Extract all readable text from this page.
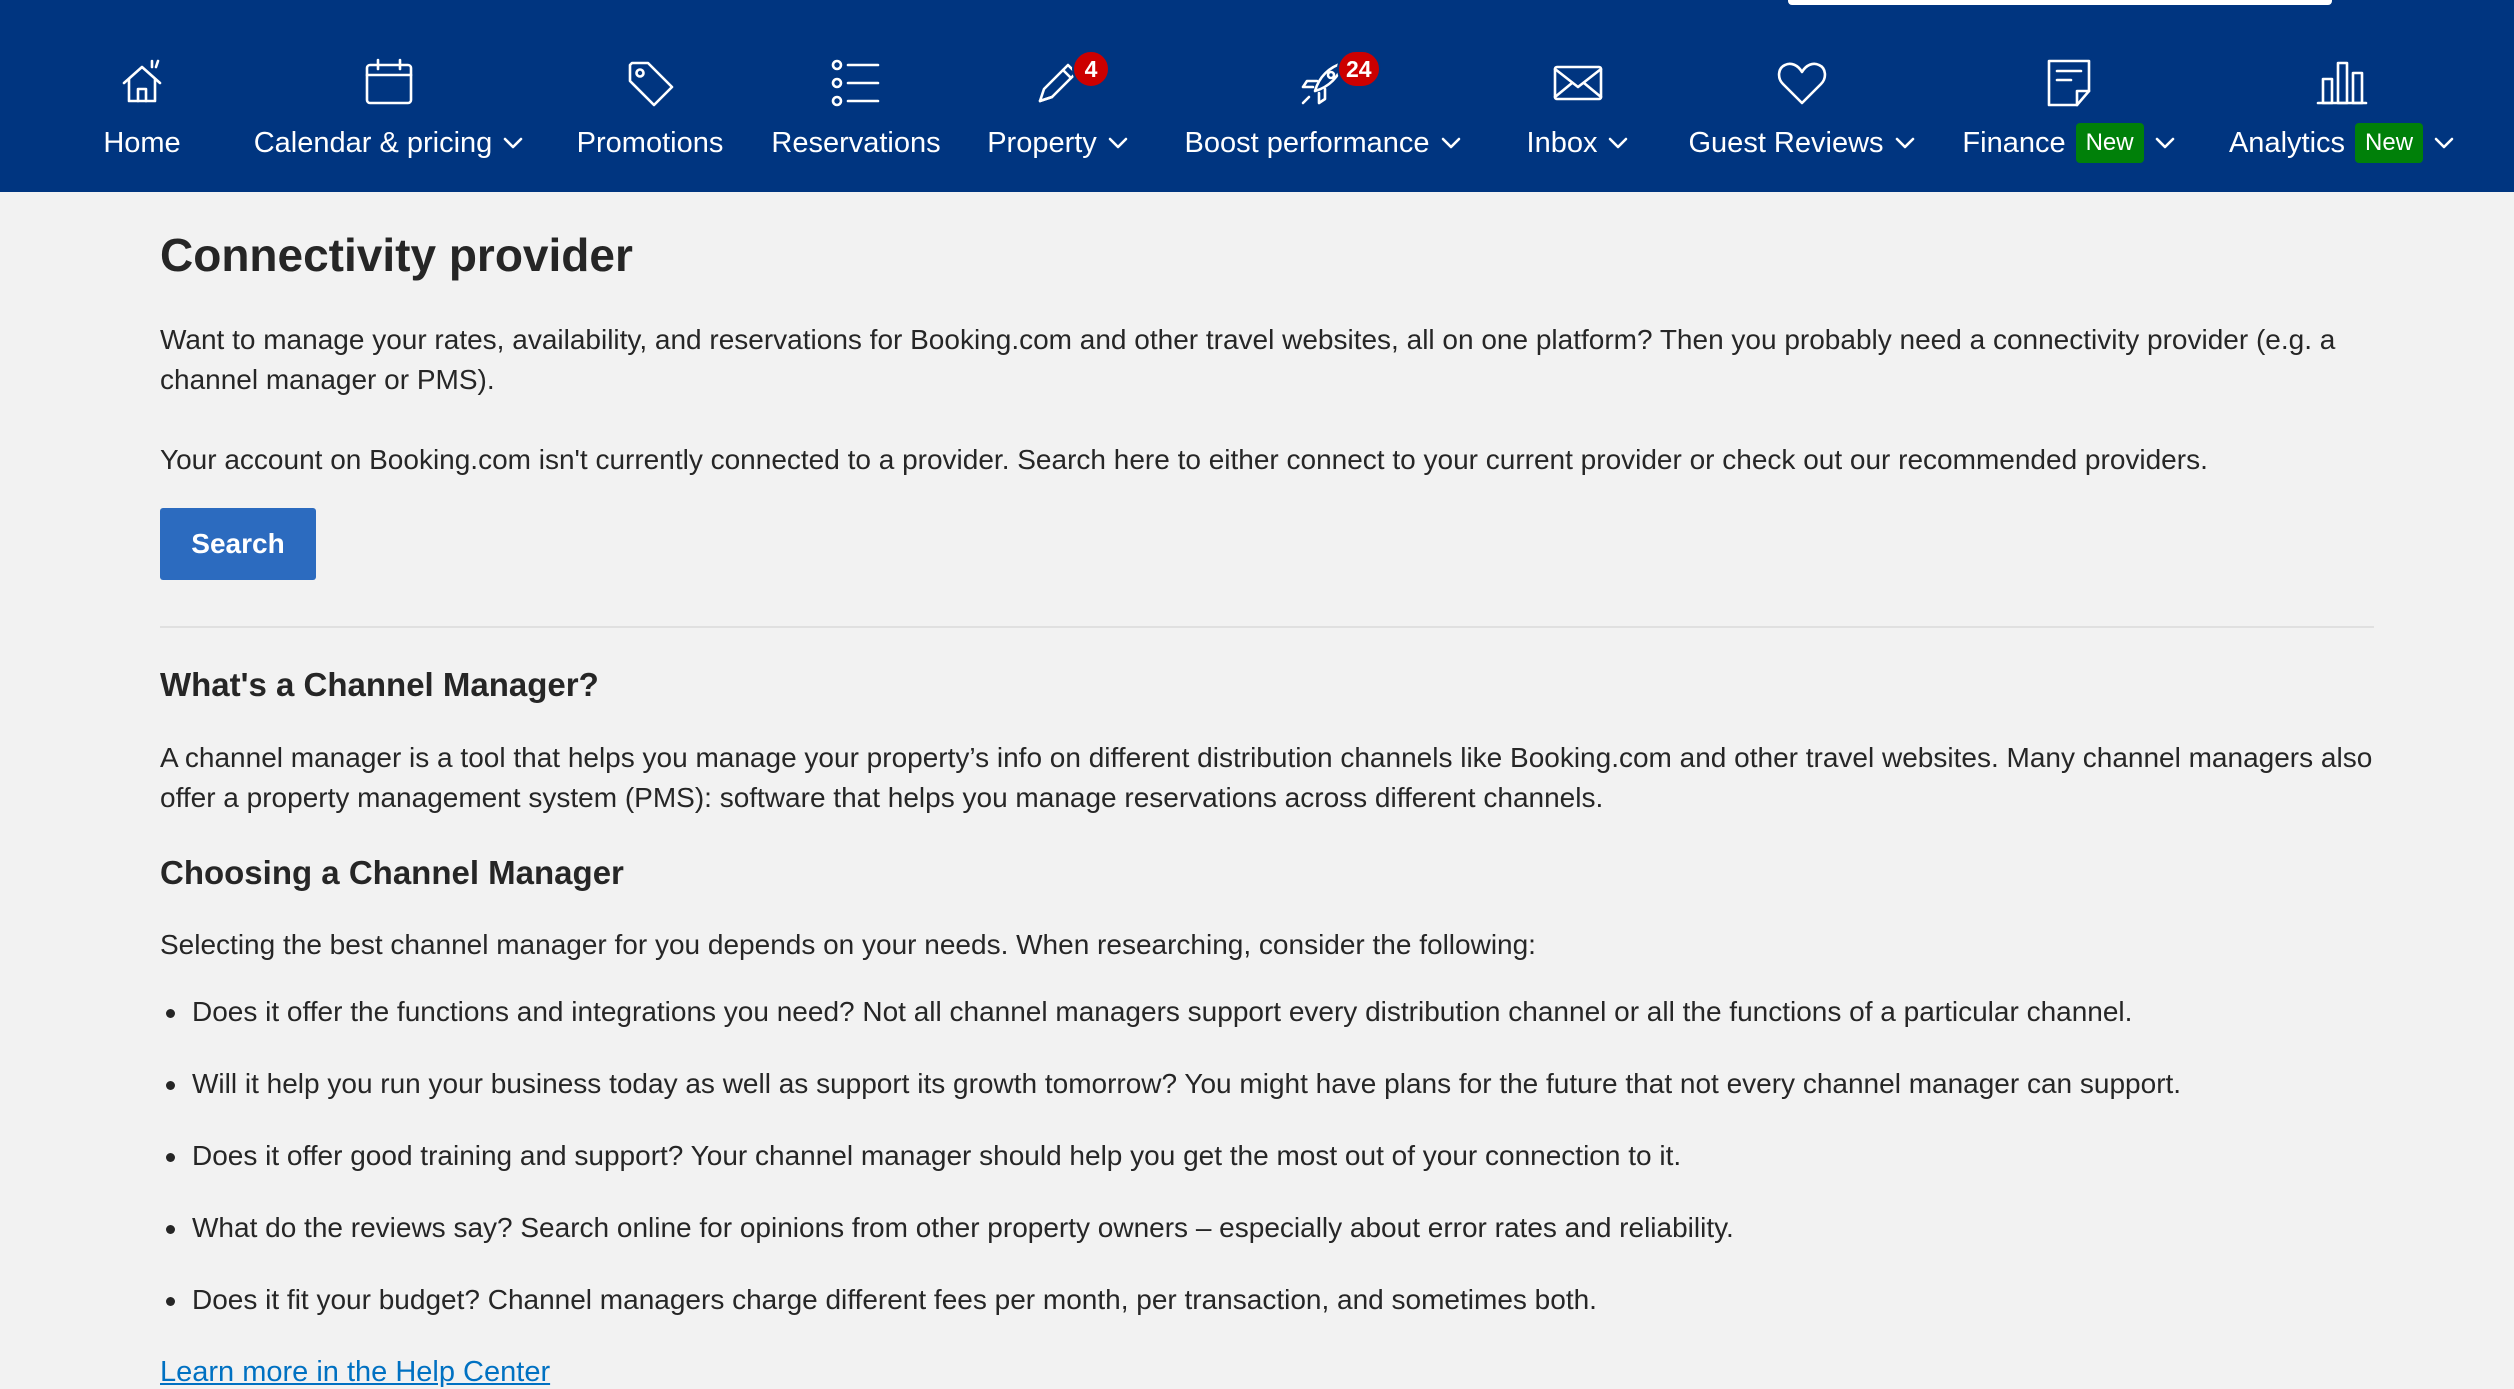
Home	Calendar & pricing	Promotions Reservations
4
Property
24
Boost performance	Inbox	Guest Reviews	Finance New	Analytics New
Connectivity provider

Want to manage your rates, availability, and reservations for Booking.com and other travel websites, all on one platform? Then you probably need a connectivity provider (e.g. a channel manager or PMS).

Your account on Booking.com isn't currently connected to a provider. Search here to either connect to your current provider or check out our recommended providers.

Search
What's a Channel Manager?

A channel manager is a tool that helps you manage your property’s info on different distribution channels like Booking.com and other travel websites. Many channel managers also offer a property management system (PMS): software that helps you manage reservations across different channels.

Choosing a Channel Manager

Selecting the best channel manager for you depends on your needs. When researching, consider the following:

Does it offer the functions and integrations you need? Not all channel managers support every distribution channel or all the functions of a particular channel.
Will it help you run your business today as well as support its growth tomorrow? You might have plans for the future that not every channel manager can support.
Does it offer good training and support? Your channel manager should help you get the most out of your connection to it.
What do the reviews say? Search online for opinions from other property owners – especially about error rates and reliability.
Does it fit your budget? Channel managers charge different fees per month, per transaction, and sometimes both.
Learn more in the Help Center
